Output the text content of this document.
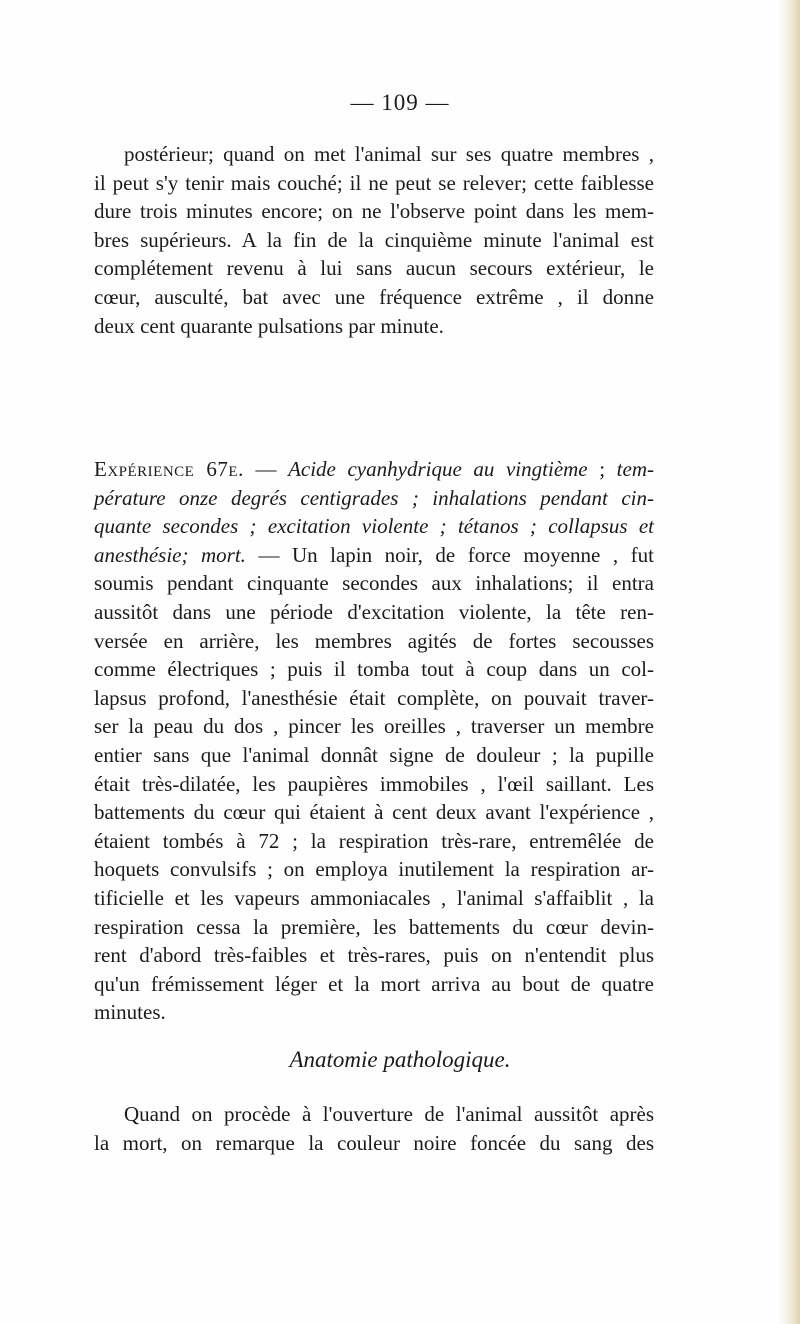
— 109 —
postérieur; quand on met l'animal sur ses quatre membres ,
il peut s'y tenir mais couché; il ne peut se relever; cette faiblesse
dure trois minutes encore; on ne l'observe point dans les mem-
bres supérieurs. A la fin de la cinquième minute l'animal est
complétement revenu à lui sans aucun secours extérieur, le
cœur, ausculté, bat avec une fréquence extrême , il donne
deux cent quarante pulsations par minute.
Expérience 67e. — Acide cyanhydrique au vingtième ; tem-
pérature onze degrés centigrades ; inhalations pendant cin-
quante secondes ; excitation violente ; tétanos ; collapsus et
anesthésie; mort. — Un lapin noir, de force moyenne , fut
soumis pendant cinquante secondes aux inhalations; il entra
aussitôt dans une période d'excitation violente, la tête ren-
versée en arrière, les membres agités de fortes secousses
comme électriques ; puis il tomba tout à coup dans un col-
lapsus profond, l'anesthésie était complète, on pouvait traver-
ser la peau du dos , pincer les oreilles , traverser un membre
entier sans que l'animal donnât signe de douleur ; la pupille
était très-dilatée, les paupières immobiles , l'œil saillant. Les
battements du cœur qui étaient à cent deux avant l'expérience ,
étaient tombés à 72 ; la respiration très-rare, entremêlée de
hoquets convulsifs ; on employa inutilement la respiration ar-
tificielle et les vapeurs ammoniacales , l'animal s'affaiblit , la
respiration cessa la première, les battements du cœur devin-
rent d'abord très-faibles et très-rares, puis on n'entendit plus
qu'un frémissement léger et la mort arriva au bout de quatre
minutes.
Anatomie pathologique.
Quand on procède à l'ouverture de l'animal aussitôt après
la mort, on remarque la couleur noire foncée du sang des
